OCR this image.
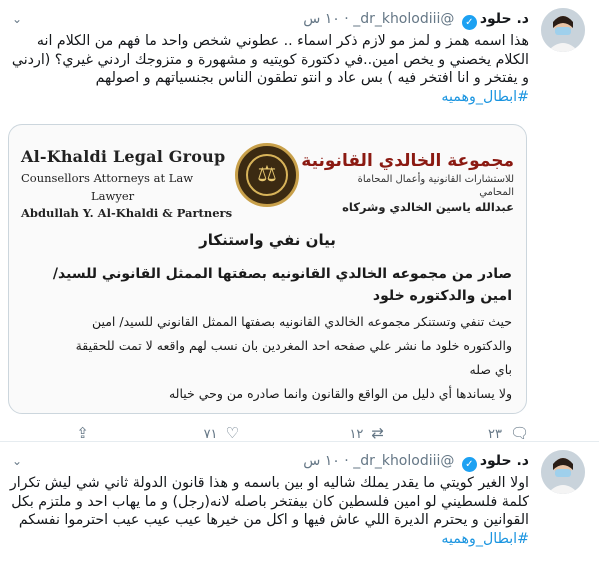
د. حلود✓ @dr_kholodiii_ · ١٠ س
⌄
هذا اسمه همز و لمز مو لازم ذكر اسماء .. عطوني شخص واحد ما فهم من الكلام انه الكلام يخصني و يخص امين..في دكتورة كويتيه و مشهورة و متزوجك اردني غيري؟ (اردني و يفتخر و انا افتخر فيه ) بس عاد و انتو تطقون الناس بجنسياتهم و اصولهم #ابطال_وهميه
Al-Khaldi Legal Group
Counsellors Attorneys at Law
Lawyer
Abdullah Y. Al-Khaldi & Partners
⚖
مجموعة الخالدي القانونية
للاستشارات القانونية وأعمال المحاماة
المحامي
عبدالله ياسين الخالدي وشركاه
بيان نفي واستنكار
صادر من مجموعه الخالدي القانونيه بصفتها الممثل القانوني للسيد/امين والدكتوره خلود
حيث تنفي وتستنكر مجموعه الخالدي القانونيه بصفتها الممثل القانوني للسيد/ امين
والدكتوره خلود ما نشر علي صفحه احد المغردين بان نسب لهم واقعه لا تمت للحقيقة
باي صله
ولا يساندها أي دليل من الواقع والقانون وانما صادره من وحي خياله
🗨٢٣
⇄١٢
♡٧١
⇪
د. حلود✓ @dr_kholodiii_ · ١٠ س
⌄
اولا الغير كويتي ما يقدر يملك شاليه او بين باسمه و هذا قانون الدولة ثاني شي ليش تكرار كلمة فلسطيني لو امين فلسطين كان بيفتخر باصله لانه(رجل) و ما يهاب احد و ملتزم بكل القوانين و يحترم الديرة اللي عاش فيها و اكل من خيرها عيب عيب عيب احترموا نفسكم #ابطال_وهميه
